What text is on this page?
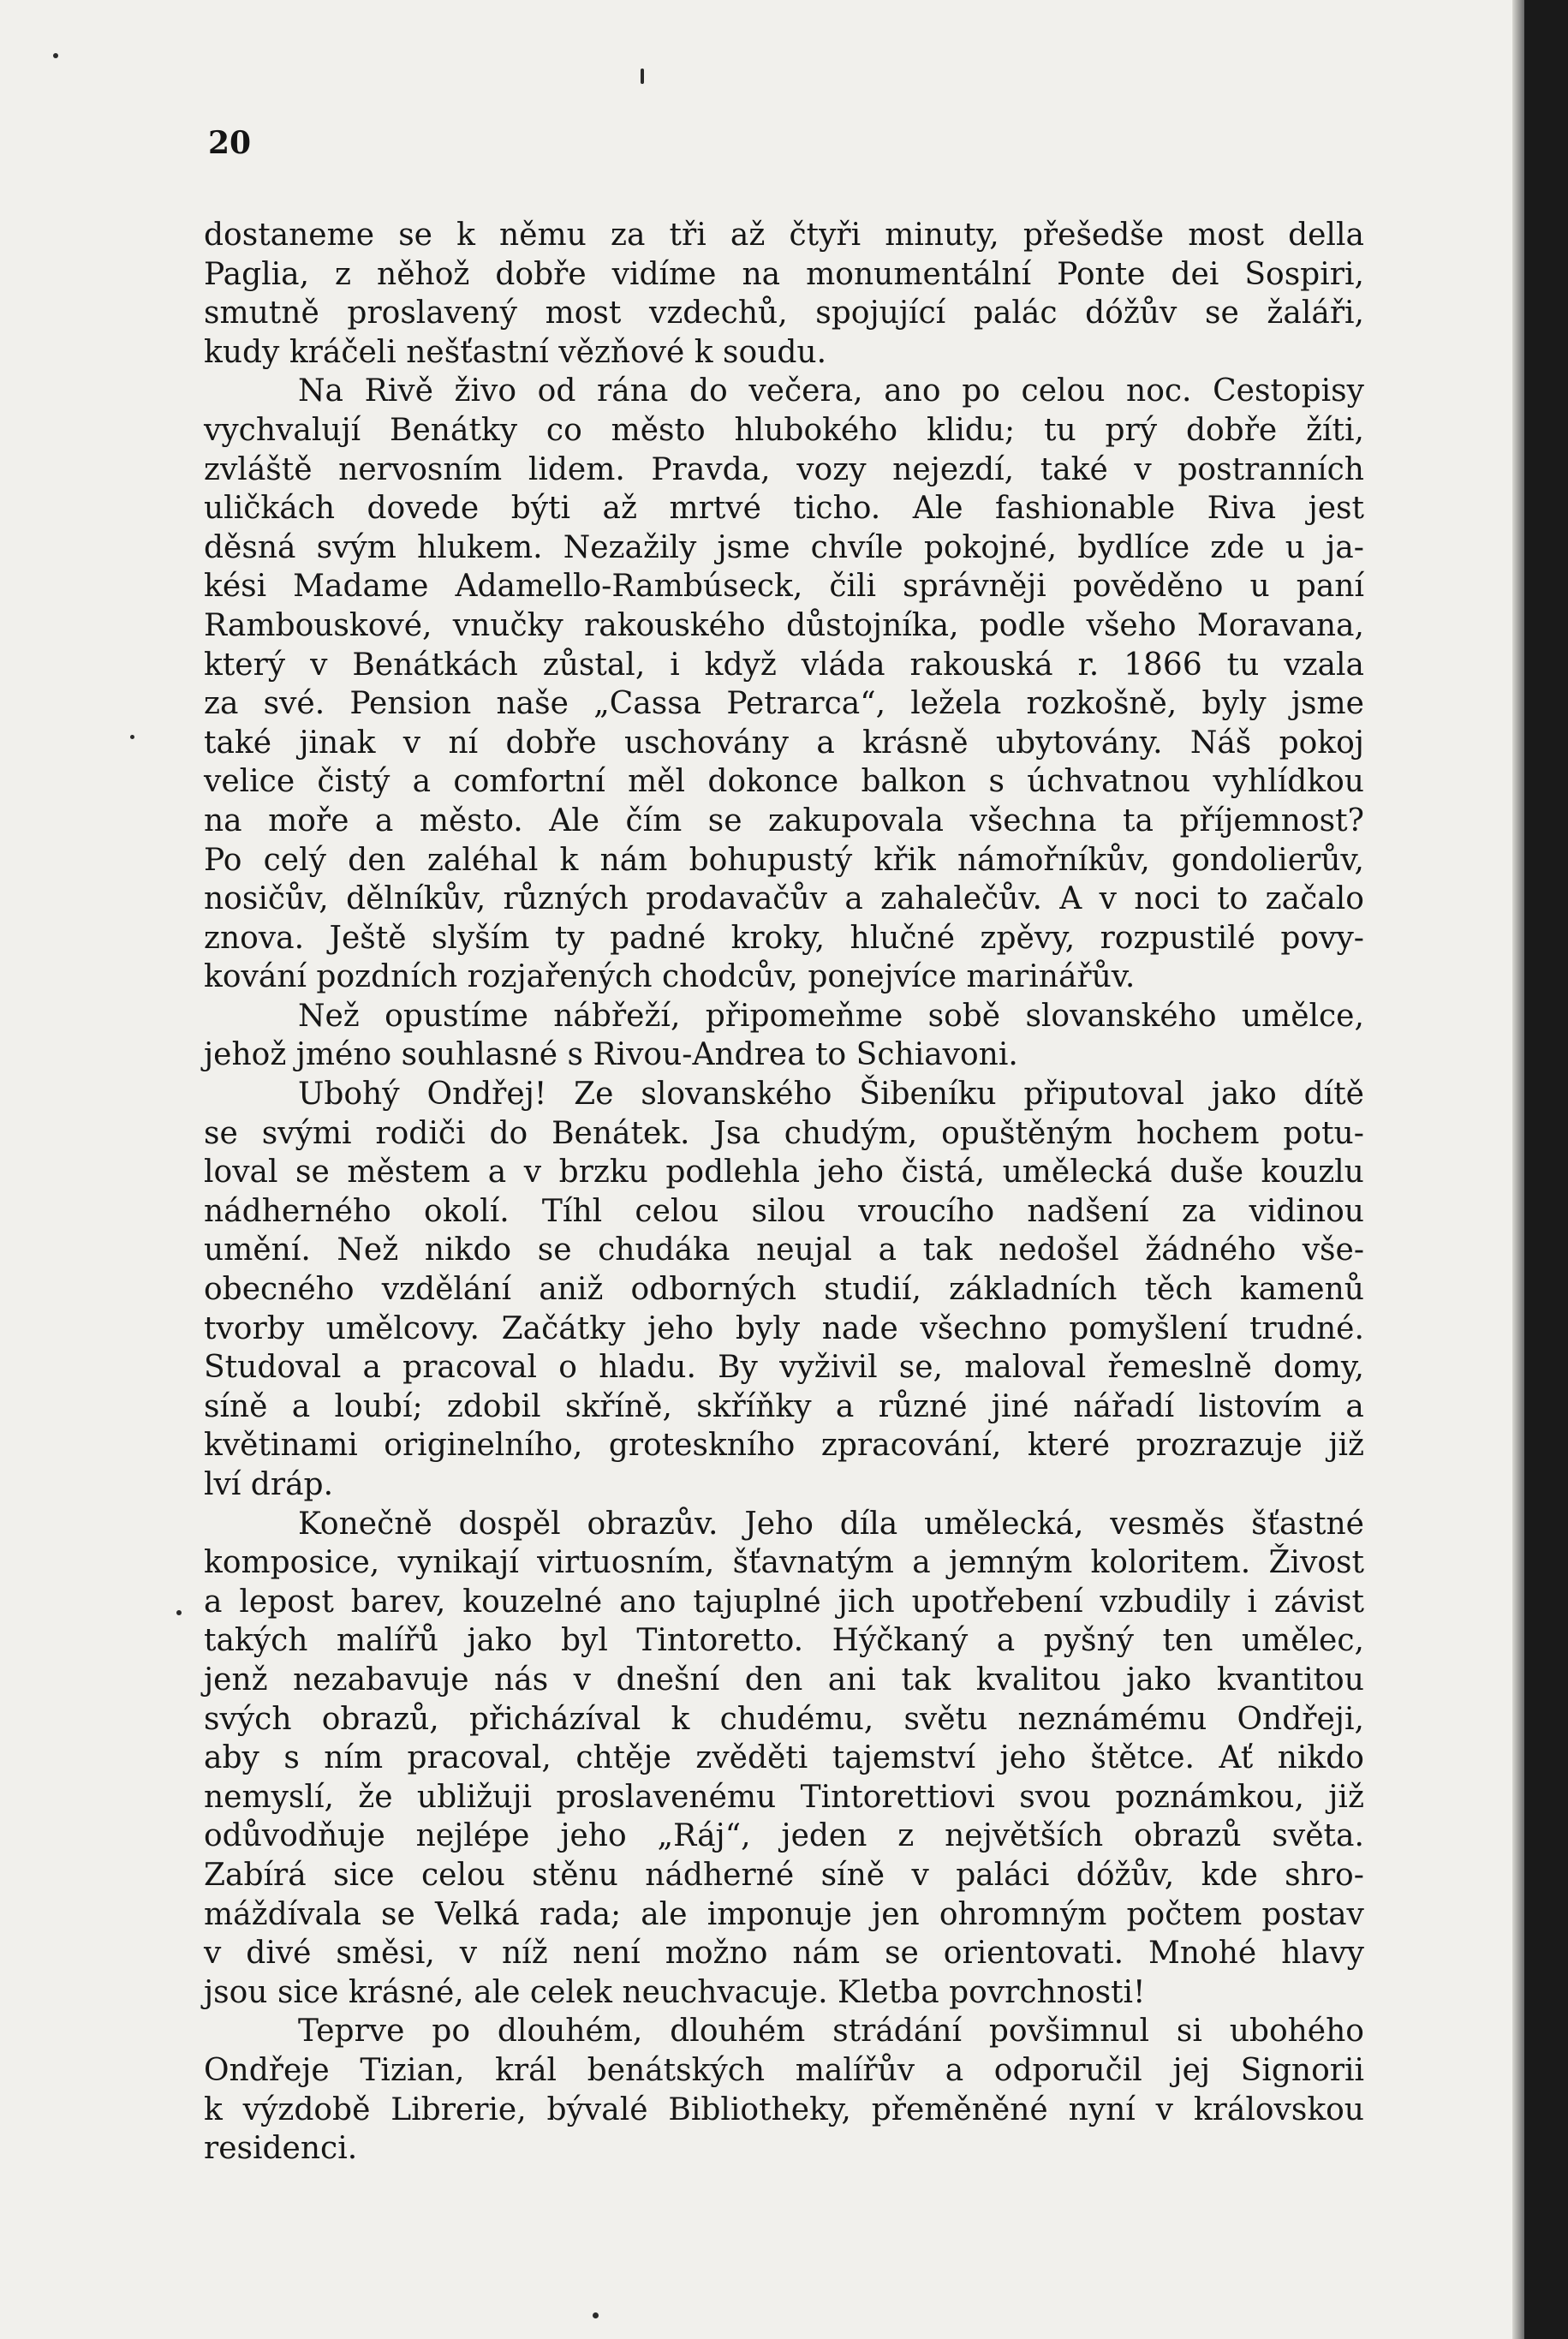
20
dostaneme se k němu za tři až čtyři minuty, přešedše most della
Paglia, z něhož dobře vidíme na monumentální Ponte dei Sospiri,
smutně proslavený most vzdechů, spojující palác dóžův se žaláři,
kudy kráčeli nešťastní vězňové k soudu.
Na Rivě živo od rána do večera, ano po celou noc. Cestopisy
vychvalují Benátky co město hlubokého klidu; tu prý dobře žíti,
zvláště nervosním lidem. Pravda, vozy nejezdí, také v postranních
uličkách dovede býti až mrtvé ticho. Ale fashionable Riva jest
děsná svým hlukem. Nezažily jsme chvíle pokojné, bydlíce zde u ja-
kési Madame Adamello-Rambúseck, čili správněji pověděno u paní
Rambouskové, vnučky rakouského důstojníka, podle všeho Moravana,
který v Benátkách zůstal, i když vláda rakouská r. 1866 tu vzala
za své. Pension naše „Cassa Petrarca“, ležela rozkošně, byly jsme
také jinak v ní dobře uschovány a krásně ubytovány. Náš pokoj
velice čistý a comfortní měl dokonce balkon s úchvatnou vyhlídkou
na moře a město. Ale čím se zakupovala všechna ta příjemnost?
Po celý den zaléhal k nám bohupustý křik námořníkův, gondolierův,
nosičův, dělníkův, různých prodavačův a zahalečův. A v noci to začalo
znova. Ještě slyším ty padné kroky, hlučné zpěvy, rozpustilé povy-
kování pozdních rozjařených chodcův, ponejvíce marinářův.
Než opustíme nábřeží, připomeňme sobě slovanského umělce,
jehož jméno souhlasné s Rivou-Andrea to Schiavoni.
Ubohý Ondřej! Ze slovanského Šibeníku připutoval jako dítě
se svými rodiči do Benátek. Jsa chudým, opuštěným hochem potu-
loval se městem a v brzku podlehla jeho čistá, umělecká duše kouzlu
nádherného okolí. Tíhl celou silou vroucího nadšení za vidinou
umění. Než nikdo se chudáka neujal a tak nedošel žádného vše-
obecného vzdělání aniž odborných studií, základních těch kamenů
tvorby umělcovy. Začátky jeho byly nade všechno pomyšlení trudné.
Studoval a pracoval o hladu. By vyživil se, maloval řemeslně domy,
síně a loubí; zdobil skříně, skříňky a různé jiné nářadí listovím a
květinami originelního, groteskního zpracování, které prozrazuje již
lví dráp.
Konečně dospěl obrazův. Jeho díla umělecká, vesměs šťastné
komposice, vynikají virtuosním, šťavnatým a jemným koloritem. Živost
a lepost barev, kouzelné ano tajuplné jich upotřebení vzbudily i závist
takých malířů jako byl Tintoretto. Hýčkaný a pyšný ten umělec,
jenž nezabavuje nás v dnešní den ani tak kvalitou jako kvantitou
svých obrazů, přicházíval k chudému, světu neznámému Ondřeji,
aby s ním pracoval, chtěje zvěděti tajemství jeho štětce. Ať nikdo
nemyslí, že ubližuji proslavenému Tintorettiovi svou poznámkou, již
odůvodňuje nejlépe jeho „Ráj“, jeden z největších obrazů světa.
Zabírá sice celou stěnu nádherné síně v paláci dóžův, kde shro-
máždívala se Velká rada; ale imponuje jen ohromným počtem postav
v divé směsi, v níž není možno nám se orientovati. Mnohé hlavy
jsou sice krásné, ale celek neuchvacuje. Kletba povrchnosti!
Teprve po dlouhém, dlouhém strádání povšimnul si ubohého
Ondřeje Tizian, král benátských malířův a odporučil jej Signorii
k výzdobě Librerie, bývalé Bibliotheky, přeměněné nyní v královskou
residenci.
